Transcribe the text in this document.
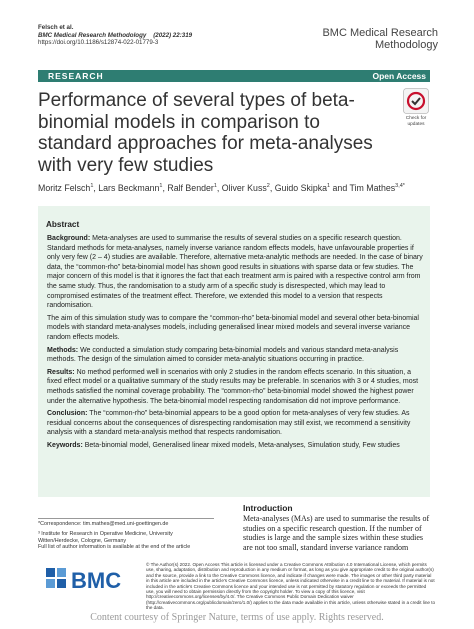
Felsch et al.
BMC Medical Research Methodology (2022) 22:319
https://doi.org/10.1186/s12874-022-01779-3
BMC Medical Research Methodology
RESEARCH	Open Access
Performance of several types of beta-binomial models in comparison to standard approaches for meta-analyses with very few studies
Check for updates
Moritz Felsch$^1$, Lars Beckmann$^1$, Ralf Bender$^1$, Oliver Kuss$^2$, Guido Skipka$^1$ and Tim Mathes$^{3,4*}$
Abstract

Background: Meta-analyses are used to summarise the results of several studies on a specific research question. Standard methods for meta-analyses, namely inverse variance random effects models, have unfavourable properties if only very few (2 – 4) studies are available. Therefore, alternative meta-analytic methods are needed. In the case of binary data, the “common-rho” beta-binomial model has shown good results in situations with sparse data or few studies. The major concern of this model is that it ignores the fact that each treatment arm is paired with a respective control arm from the same study. Thus, the randomisation to a study arm of a specific study is disrespected, which may lead to compromised estimates of the treatment effect. Therefore, we extended this model to a version that respects randomisation.

The aim of this simulation study was to compare the “common-rho” beta-binomial model and several other beta-binomial models with standard meta-analyses models, including generalised linear mixed models and several inverse variance random effects models.

Methods: We conducted a simulation study comparing beta-binomial models and various standard meta-analysis methods. The design of the simulation aimed to consider meta-analytic situations occurring in practice.

Results: No method performed well in scenarios with only 2 studies in the random effects scenario. In this situation, a fixed effect model or a qualitative summary of the study results may be preferable. In scenarios with 3 or 4 studies, most methods satisfied the nominal coverage probability. The “common-rho” beta-binomial model showed the highest power under the alternative hypothesis. The beta-binomial model respecting randomisation did not improve performance.

Conclusion: The “common-rho” beta-binomial appears to be a good option for meta-analyses of very few studies. As residual concerns about the consequences of disrespecting randomisation may still exist, we recommend a sensitivity analysis with a standard meta-analysis method that respects randomisation.

Keywords: Beta-binomial model, Generalised linear mixed models, Meta-analyses, Simulation study, Few studies

*Correspondence: tim.mathes@med.uni-goettingen.de
³ Institute for Research in Operative Medicine, University Witten/Herdecke, Cologne, Germany
Full list of author information is available at the end of the article
Introduction
Meta-analyses (MAs) are used to summarise the results of studies on a specific research question. If the number of studies is large and the sample sizes within these studies are not too small, standard inverse variance random
BMC
© The Author(s) 2022. Open Access This article is licensed under a Creative Commons Attribution 4.0 International License, which permits use, sharing, adaptation, distribution and reproduction in any medium or format, as long as you give appropriate credit to the original author(s) and the source, provide a link to the Creative Commons licence, and indicate if changes were made. The images or other third party material in this article are included in the article's Creative Commons licence, unless indicated otherwise in a credit line to the material. If material is not included in the article's Creative Commons licence and your intended use is not permitted by statutory regulation or exceeds the permitted use, you will need to obtain permission directly from the copyright holder. To view a copy of this licence, visit http://creativecommons.org/licenses/by/4.0/. The Creative Commons Public Domain Dedication waiver (http://creativecommons.org/publicdomain/zero/1.0/) applies to the data made available in this article, unless otherwise stated in a credit line to the data.
Content courtesy of Springer Nature, terms of use apply. Rights reserved.
